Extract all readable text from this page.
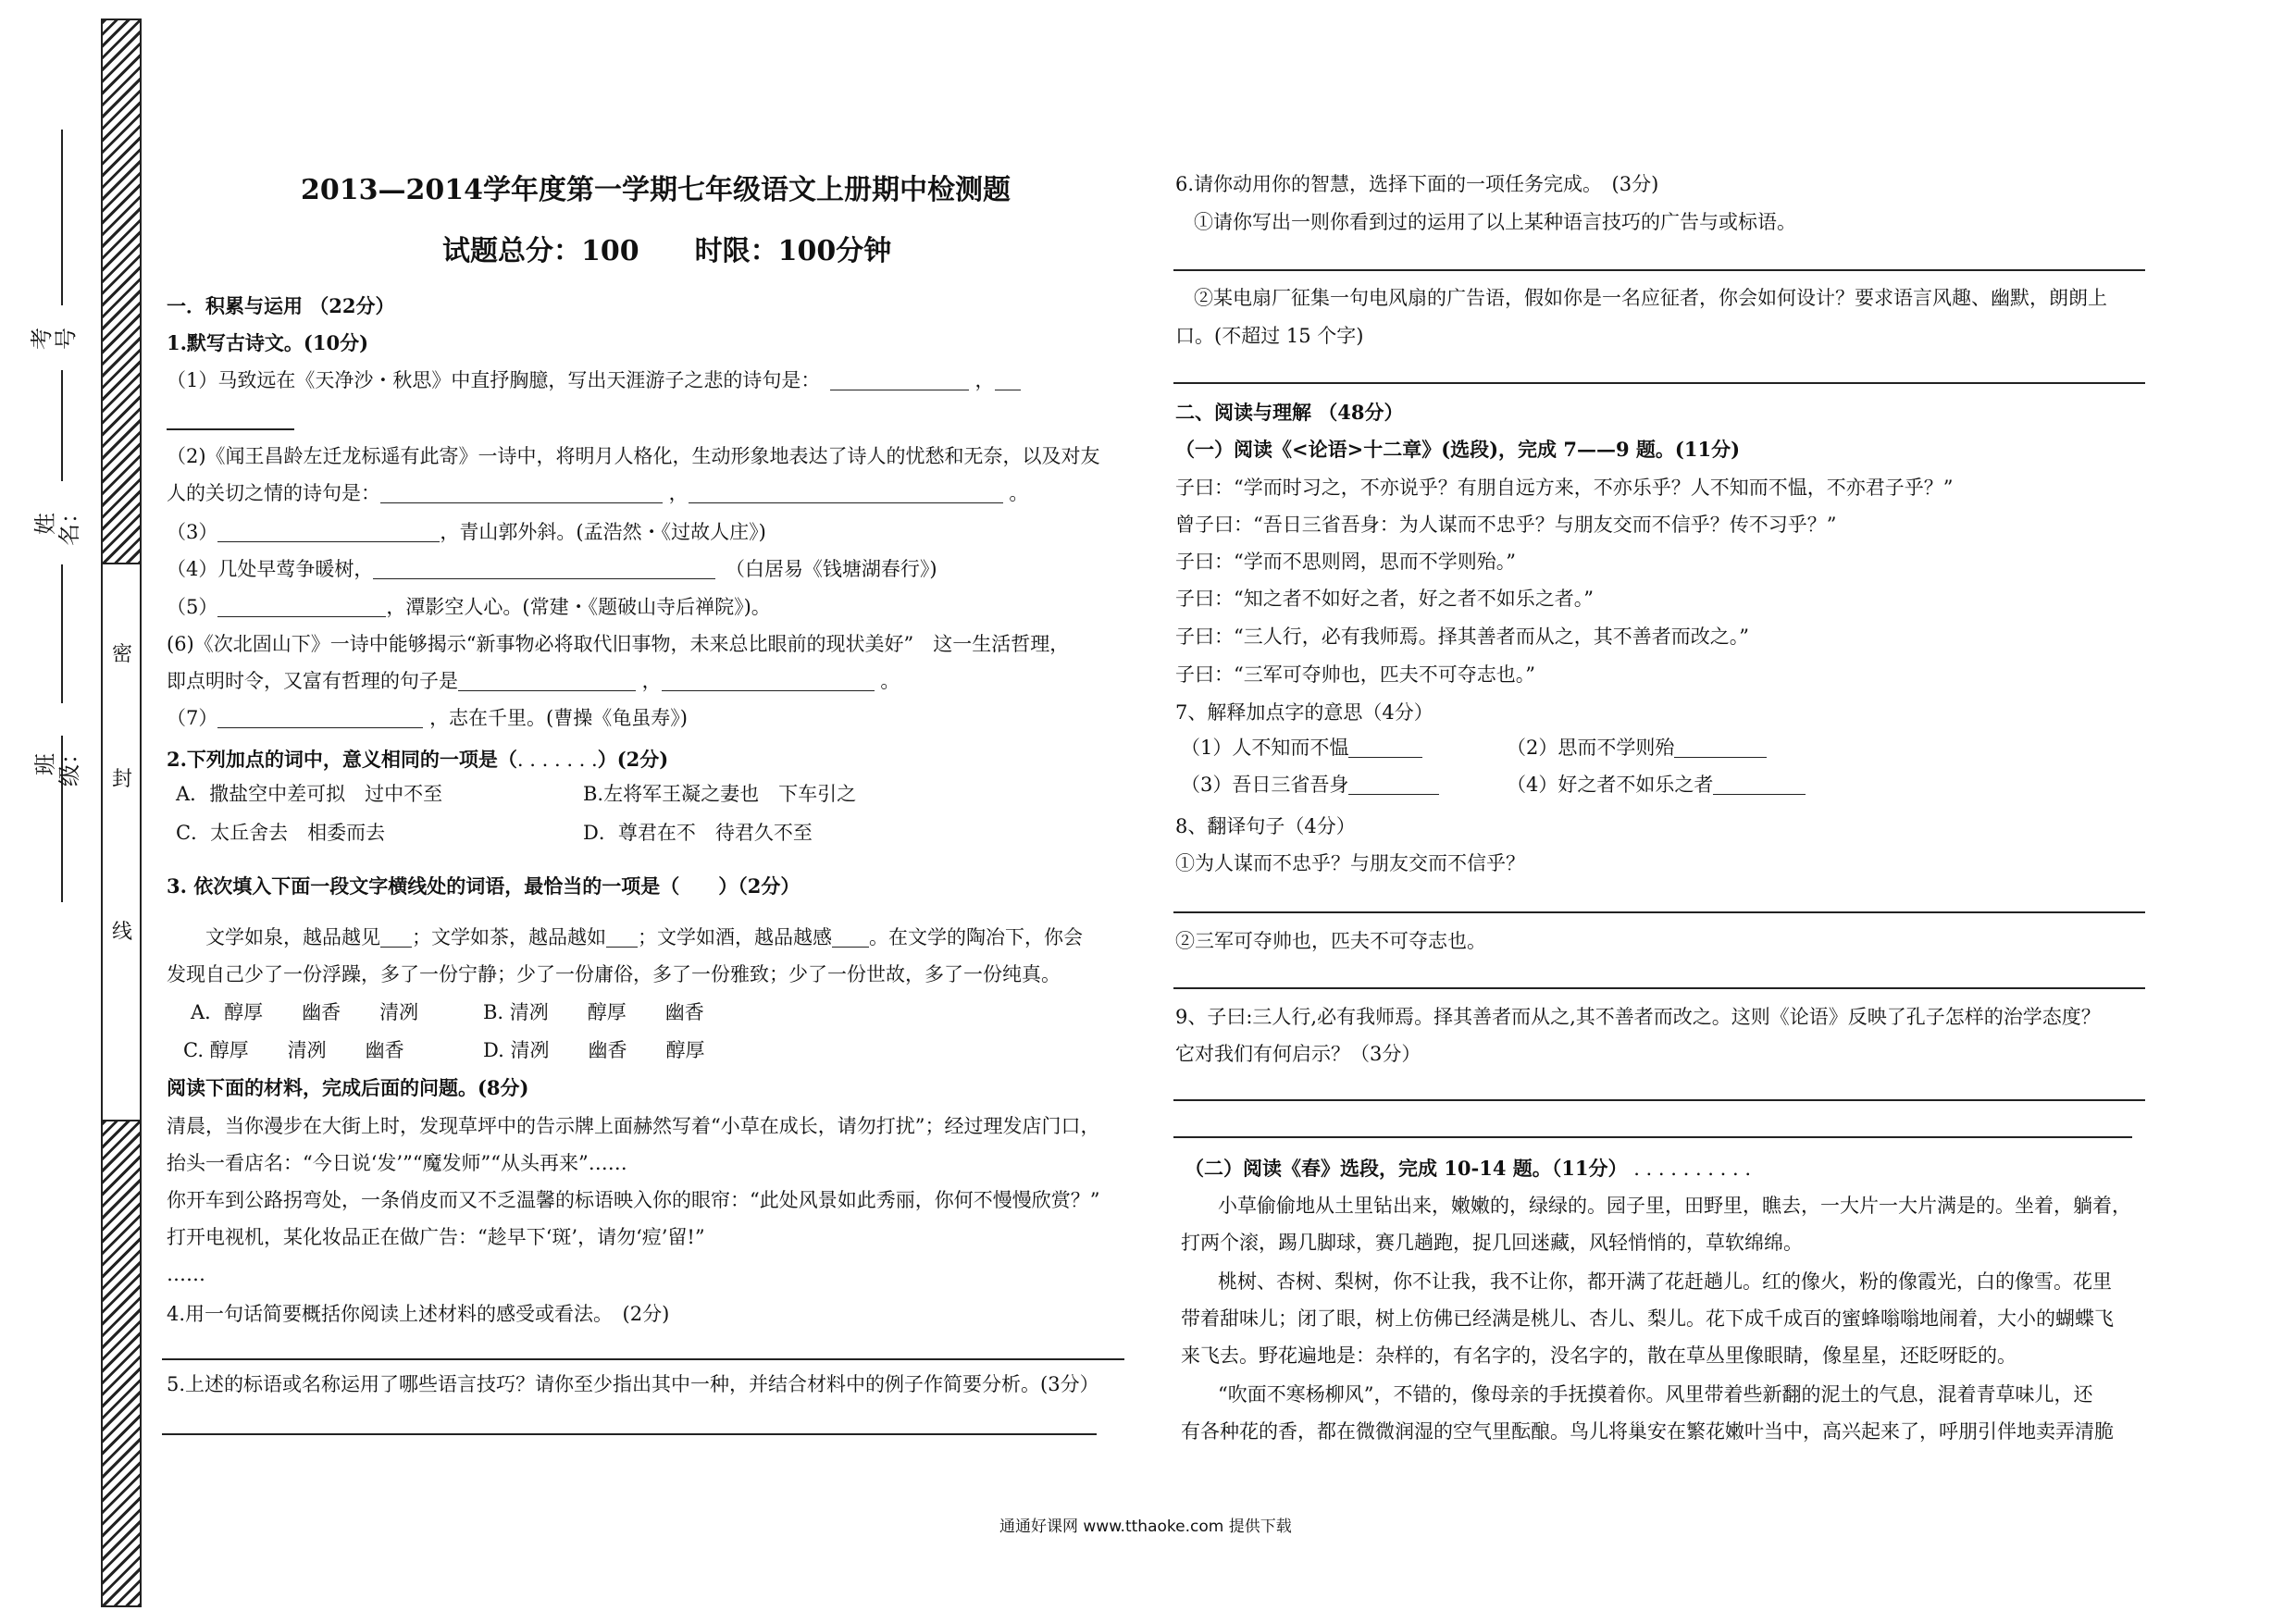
密
封
线
考号
姓名：
班级：
2013—2014学年度第一学期七年级语文上册期中检测题
试题总分：100　　时限：100分钟
一．积累与运用 （22分）
1.默写古诗文。(10分)
（1）马致远在《天净沙・秋思》中直抒胸臆，写出天涯游子之悲的诗句是：　	，
（2)《闻王昌龄左迁龙标遥有此寄》一诗中，将明月人格化，生动形象地表达了诗人的忧愁和无奈，以及对友
人的关切之情的诗句是：	，	。
（3）	，青山郭外斜。(孟浩然・《过故人庄》)
（4）几处早莺争暖树，　	（白居易《钱塘湖春行》)
（5）	，潭影空人心。(常建・《题破山寺后禅院》)。
(6)《次北固山下》一诗中能够揭示“新事物必将取代旧事物，未来总比眼前的现状美好”　这一生活哲理，
即点明时令，又富有哲理的句子是	，	。
（7）	，志在千里。(曹操《龟虽寿》)
2.下列加点的词中，意义相同的一项是（. . . . . . .）(2分)
A．撒盐空中差可拟　过中不至	B.左将军王凝之妻也　下车引之
C．太丘舍去　相委而去	D．尊君在不　待君久不至
3. 依次填入下面一段文字横线处的词语，最恰当的一项是（　　）（2分）
文学如泉，越品越见 ；文学如茶，越品越如 ；文学如酒，越品越感 。在文学的陶冶下，你会
发现自己少了一份浮躁，多了一份宁静；少了一份庸俗，多了一份雅致；少了一份世故，多了一份纯真。
A．醇厚　　幽香　　清冽	B. 清冽　　醇厚　　幽香
C. 醇厚　　清冽　　幽香	D. 清冽　　幽香　　醇厚
阅读下面的材料，完成后面的问题。(8分)
清晨，当你漫步在大街上时，发现草坪中的告示牌上面赫然写着“小草在成长，请勿打扰”；经过理发店门口，
抬头一看店名：“今日说‘发’”“魔发师”“从头再来”……
你开车到公路拐弯处，一条俏皮而又不乏温馨的标语映入你的眼帘：“此处风景如此秀丽，你何不慢慢欣赏？”
打开电视机，某化妆品正在做广告：“趁早下‘斑’，请勿‘痘’留!”
……
4.用一句话简要概括你阅读上述材料的感受或看法。　(2分)
5.上述的标语或名称运用了哪些语言技巧？请你至少指出其中一种，并结合材料中的例子作简要分析。(3分）
6.请你动用你的智慧，选择下面的一项任务完成。　(3分)
①请你写出一则你看到过的运用了以上某种语言技巧的广告与或标语。
②某电扇厂征集一句电风扇的广告语，假如你是一名应征者，你会如何设计？要求语言风趣、幽默，朗朗上
口。(不超过 15 个字)
二、阅读与理解 （48分）
（一）阅读《<论语>十二章》(选段)，完成 7——9 题。(11分)
子曰：“学而时习之，不亦说乎？有朋自远方来，不亦乐乎？人不知而不愠，不亦君子乎？”
曾子曰：“吾日三省吾身：为人谋而不忠乎？与朋友交而不信乎？传不习乎？”
子曰：“学而不思则罔，思而不学则殆。”
子曰：“知之者不如好之者，好之者不如乐之者。”
子曰：“三人行，必有我师焉。择其善者而从之，其不善者而改之。”
子曰：“三军可夺帅也，匹夫不可夺志也。”
7、解释加点字的意思（4分）
（1）人不知而不愠	（2）思而不学则殆
（3）吾日三省吾身	（4）好之者不如乐之者
8、翻译句子（4分）
①为人谋而不忠乎？与朋友交而不信乎？
②三军可夺帅也，匹夫不可夺志也。
9、子曰:三人行,必有我师焉。择其善者而从之,其不善者而改之。这则《论语》反映了孔子怎样的治学态度？
它对我们有何启示？（3分）
（二）阅读《春》选段，完成 10-14 题。（11分） . . . . . . . . . .
小草偷偷地从土里钻出来，嫩嫩的，绿绿的。园子里，田野里，瞧去，一大片一大片满是的。坐着，躺着，
打两个滚，踢几脚球，赛几趟跑，捉几回迷藏，风轻悄悄的，草软绵绵。
桃树、杏树、梨树，你不让我，我不让你，都开满了花赶趟儿。红的像火，粉的像霞光，白的像雪。花里
带着甜味儿；闭了眼，树上仿佛已经满是桃儿、杏儿、梨儿。花下成千成百的蜜蜂嗡嗡地闹着，大小的蝴蝶飞
来飞去。野花遍地是：杂样的，有名字的，没名字的，散在草丛里像眼睛，像星星，还眨呀眨的。
“吹面不寒杨柳风”，不错的，像母亲的手抚摸着你。风里带着些新翻的泥土的气息，混着青草味儿，还
有各种花的香，都在微微润湿的空气里酝酿。鸟儿将巢安在繁花嫩叶当中，高兴起来了，呼朋引伴地卖弄清脆
通通好课网 www.tthaoke.com 提供下载
